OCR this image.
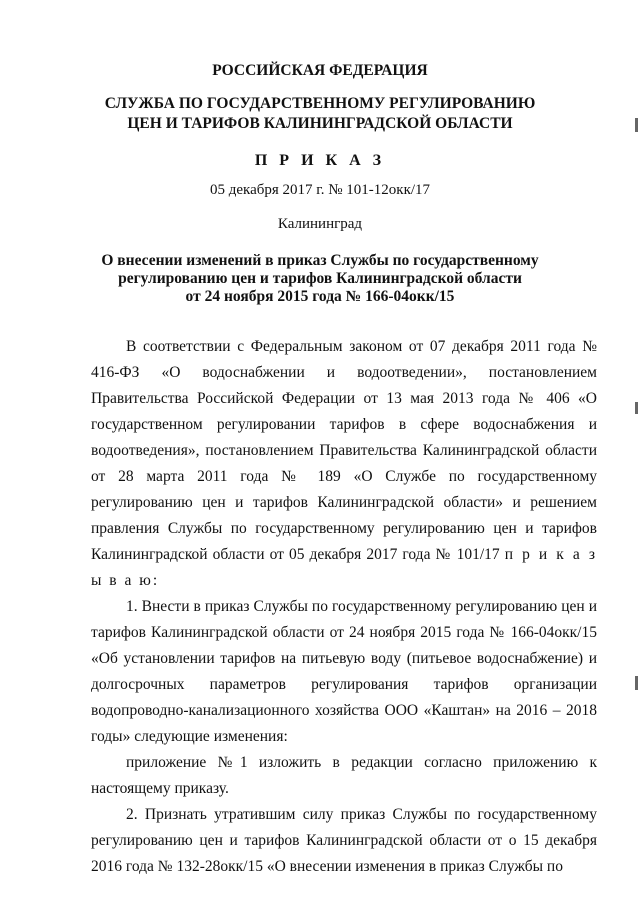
РОССИЙСКАЯ ФЕДЕРАЦИЯ
СЛУЖБА ПО ГОСУДАРСТВЕННОМУ РЕГУЛИРОВАНИЮ
ЦЕН И ТАРИФОВ КАЛИНИНГРАДСКОЙ ОБЛАСТИ
П Р И К А З
05 декабря 2017 г. № 101-12окк/17
Калининград
О внесении изменений в приказ Службы по государственному
регулированию цен и тарифов Калининградской области
от 24 ноября 2015 года № 166-04окк/15

В соответствии с Федеральным законом от 07 декабря 2011 года № 416-ФЗ «О водоснабжении и водоотведении», постановлением Правительства Российской Федерации от 13 мая 2013 года № 406 «О государственном регулировании тарифов в сфере водоснабжения и водоотведения», постановлением Правительства Калининградской области от 28 марта 2011 года № 189 «О Службе по государственному регулированию цен и тарифов Калининградской области» и решением правления Службы по государственному регулированию цен и тарифов Калининградской области от 05 декабря 2017 года № 101/17 п р и к а з ы в а ю:

1. Внести в приказ Службы по государственному регулированию цен и тарифов Калининградской области от 24 ноября 2015 года № 166-04окк/15 «Об установлении тарифов на питьевую воду (питьевое водоснабжение) и долгосрочных параметров регулирования тарифов организации водопроводно-канализационного хозяйства ООО «Каштан» на 2016 – 2018 годы» следующие изменения:

приложение №1 изложить в редакции согласно приложению к настоящему приказу.

2. Признать утратившим силу приказ Службы по государственному регулированию цен и тарифов Калининградской области от о 15 декабря 2016 года № 132-28окк/15 «О внесении изменения в приказ Службы по
